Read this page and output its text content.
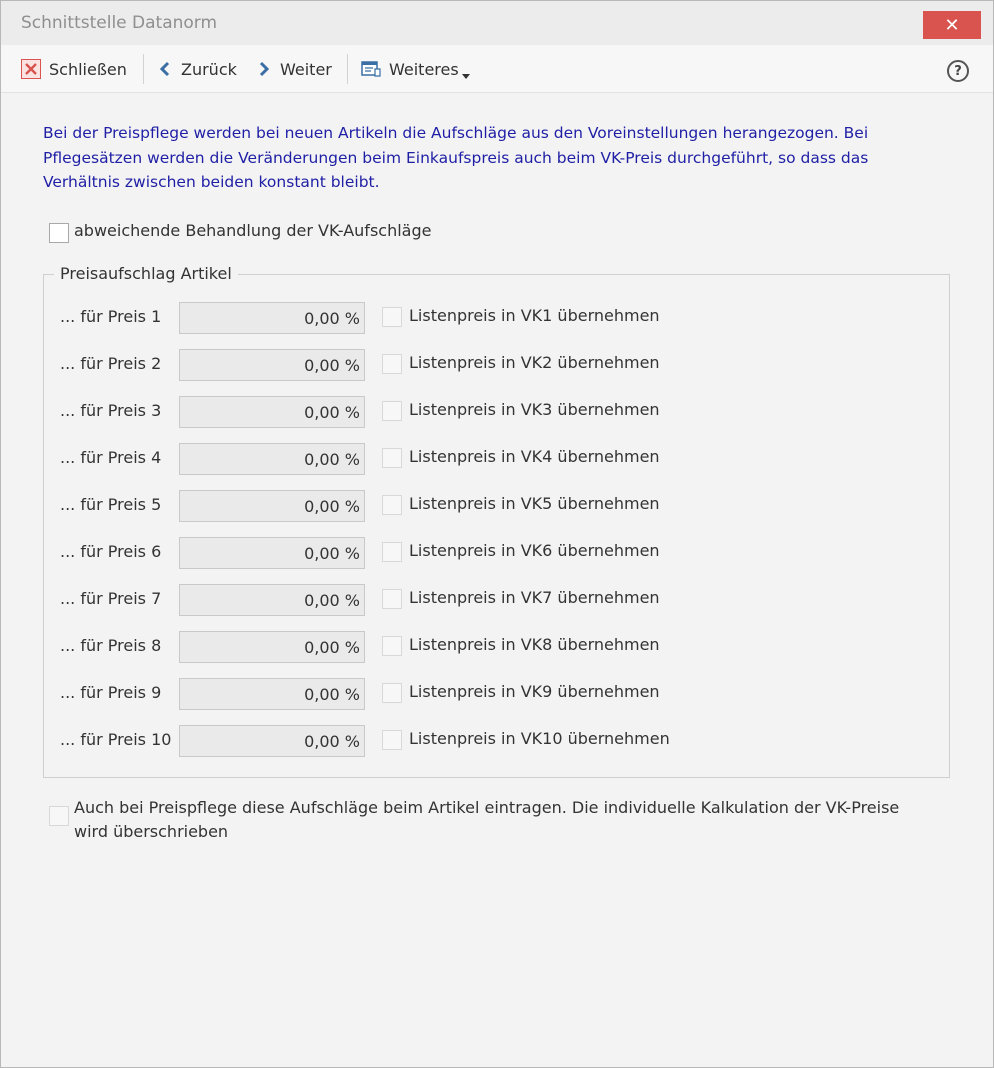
Schnittstelle Datanorm	✕
Schließen	Zurück	Weiter	Weiteres	?
Bei der Preispflege werden bei neuen Artikeln die Aufschläge aus den Voreinstellungen herangezogen. Bei Pflegesätzen werden die Veränderungen beim Einkaufspreis auch beim VK-Preis durchgeführt, so dass das Verhältnis zwischen beiden konstant bleibt.
abweichende Behandlung der VK-Aufschläge
Preisaufschlag Artikel
... für Preis 1	0,00 %	Listenpreis in VK1 übernehmen
... für Preis 2	0,00 %	Listenpreis in VK2 übernehmen
... für Preis 3	0,00 %	Listenpreis in VK3 übernehmen
... für Preis 4	0,00 %	Listenpreis in VK4 übernehmen
... für Preis 5	0,00 %	Listenpreis in VK5 übernehmen
... für Preis 6	0,00 %	Listenpreis in VK6 übernehmen
... für Preis 7	0,00 %	Listenpreis in VK7 übernehmen
... für Preis 8	0,00 %	Listenpreis in VK8 übernehmen
... für Preis 9	0,00 %	Listenpreis in VK9 übernehmen
... für Preis 10	0,00 %	Listenpreis in VK10 übernehmen
Auch bei Preispflege diese Aufschläge beim Artikel eintragen. Die individuelle Kalkulation der VK-Preise wird überschrieben
